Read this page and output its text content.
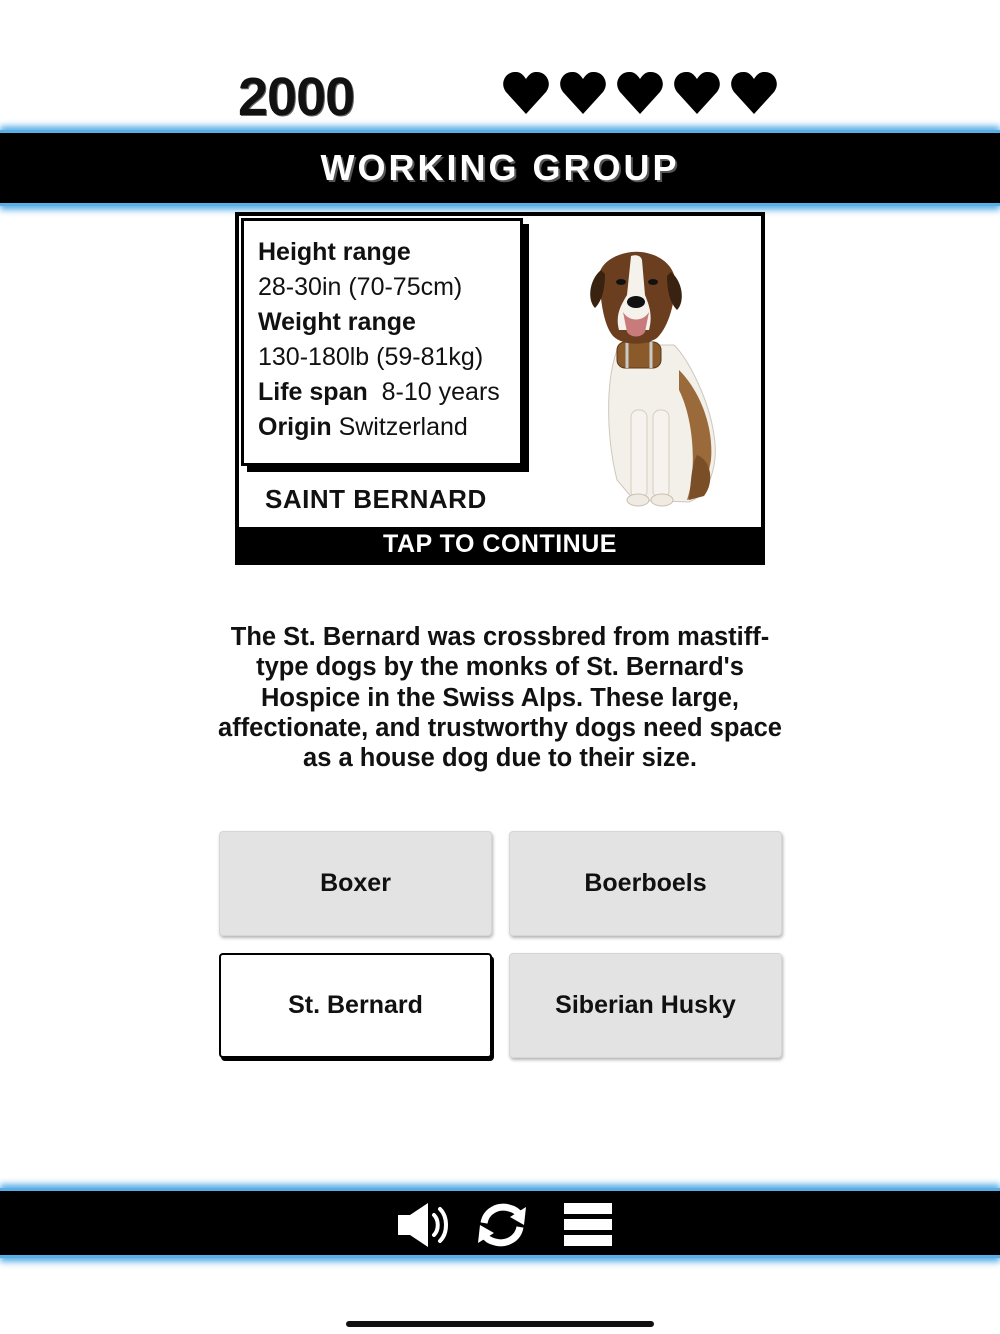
2000
WORKING GROUP
Height range
28-30in (70-75cm)
Weight range
130-180lb (59-81kg)
Life span 8-10 years
Origin Switzerland
SAINT BERNARD
TAP TO CONTINUE
The St. Bernard was crossbred from mastiff-type dogs by the monks of St. Bernard's Hospice in the Swiss Alps. These large, affectionate, and trustworthy dogs need space as a house dog due to their size.
Boxer	Boerboels
St. Bernard	Siberian Husky
